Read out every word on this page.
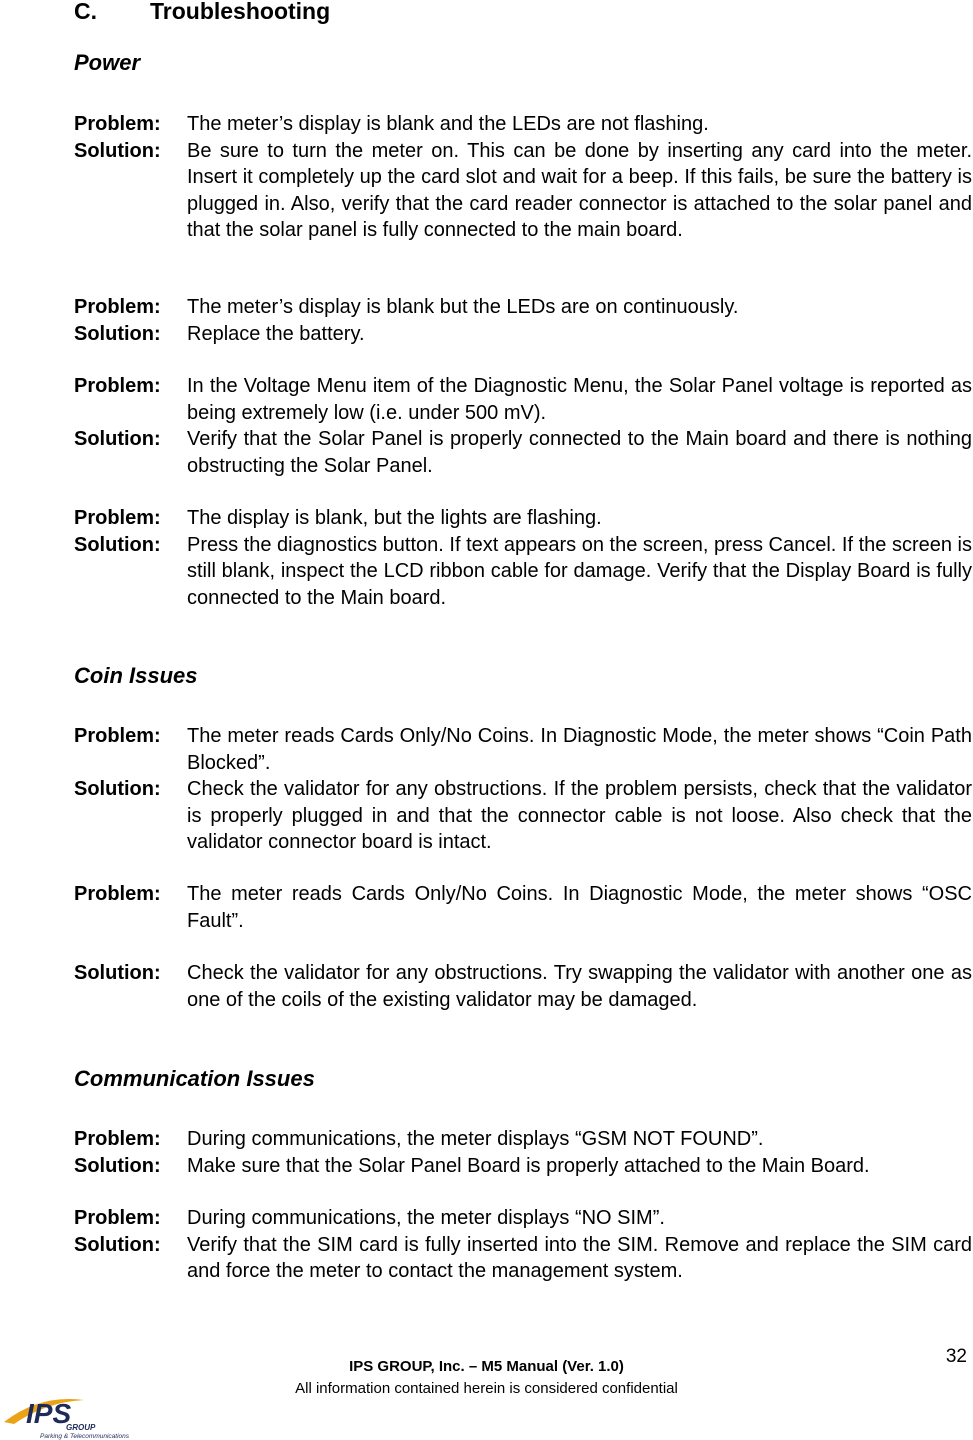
C. Troubleshooting
Power
Problem:	The meter’s display is blank and the LEDs are not flashing.
Solution:	Be sure to turn the meter on. This can be done by inserting any card into the meter. Insert it completely up the card slot and wait for a beep. If this fails, be sure the battery is plugged in. Also, verify that the card reader connector is attached to the solar panel and that the solar panel is fully connected to the main board.
Problem:	The meter’s display is blank but the LEDs are on continuously.
Solution:	Replace the battery.
Problem:	In the Voltage Menu item of the Diagnostic Menu, the Solar Panel voltage is reported as being extremely low (i.e. under 500 mV).
Solution:	Verify that the Solar Panel is properly connected to the Main board and there is nothing obstructing the Solar Panel.
Problem:	The display is blank, but the lights are flashing.
Solution:	Press the diagnostics button. If text appears on the screen, press Cancel. If the screen is still blank, inspect the LCD ribbon cable for damage. Verify that the Display Board is fully connected to the Main board.
Coin Issues
Problem:	The meter reads Cards Only/No Coins. In Diagnostic Mode, the meter shows “Coin Path Blocked”.
Solution:	Check the validator for any obstructions. If the problem persists, check that the validator is properly plugged in and that the connector cable is not loose. Also check that the validator connector board is intact.
Problem:	The meter reads Cards Only/No Coins. In Diagnostic Mode, the meter shows “OSC Fault”.
Solution:	Check the validator for any obstructions. Try swapping the validator with another one as one of the coils of the existing validator may be damaged.
Communication Issues
Problem:	During communications, the meter displays “GSM NOT FOUND”.
Solution:	Make sure that the Solar Panel Board is properly attached to the Main Board.
Problem:	During communications, the meter displays “NO SIM”.
Solution:	Verify that the SIM card is fully inserted into the SIM. Remove and replace the SIM card and force the meter to contact the management system.
32
IPS GROUP, Inc. – M5 Manual (Ver. 1.0)
All information contained herein is considered confidential
IPS
GROUP
Parking & Telecommunications
